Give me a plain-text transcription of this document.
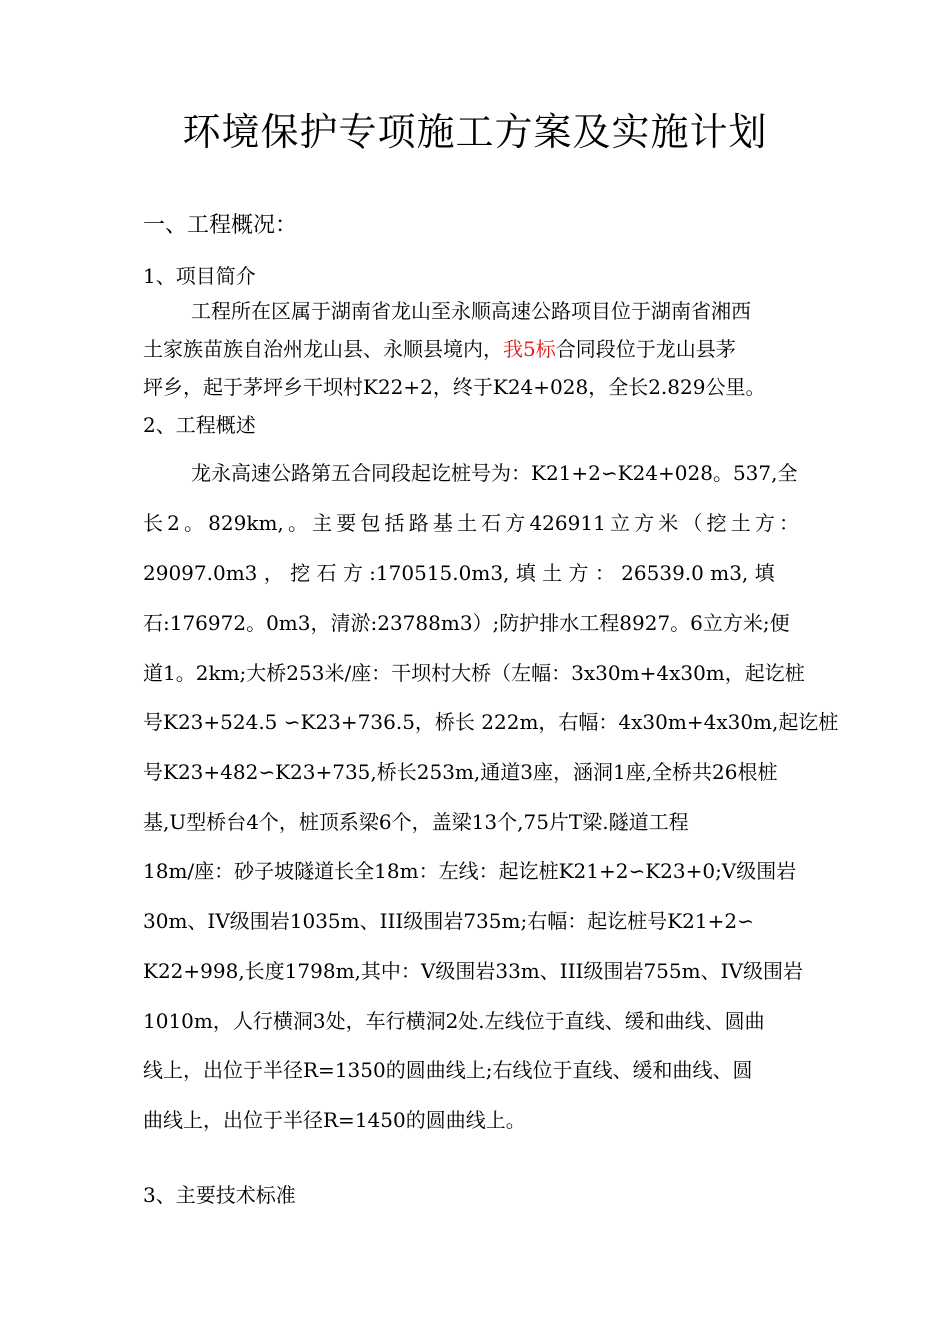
环境保护专项施工方案及实施计划
一、工程概况：
1、项目简介
工程所在区属于湖南省龙山至永顺高速公路项目位于湖南省湘西
土家族苗族自治州龙山县、永顺县境内，我5标合同段位于龙山县茅
坪乡，起于茅坪乡干坝村K22+2，终于K24+028，全长2.829公里。
2、工程概述
龙永高速公路第五合同段起讫桩号为：K21+2∽K24+028。537,全
长2。829km,。主要包括路基土石方426911立方米（挖土方：
29097.0m3 ， 挖 石 方 :170515.0m3, 填 土 方 ： 26539.0 m3, 填
石:176972。0m3，清淤:23788m3）;防护排水工程8927。6立方米;便
道1。2km;大桥253米/座：干坝村大桥（左幅：3x30m+4x30m，起讫桩
号K23+524.5 ∽K23+736.5，桥长 222m，右幅：4x30m+4x30m,起讫桩
号K23+482∽K23+735,桥长253m,通道3座，涵洞1座,全桥共26根桩
基,U型桥台4个，桩顶系梁6个，盖梁13个,75片T梁.隧道工程
18m/座：砂子坡隧道长全18m：左线：起讫桩K21+2∽K23+0;V级围岩
30m、IV级围岩1035m、III级围岩735m;右幅：起讫桩号K21+2∽
K22+998,长度1798m,其中：V级围岩33m、III级围岩755m、IV级围岩
1010m，人行横洞3处，车行横洞2处.左线位于直线、缓和曲线、圆曲
线上，出位于半径R=1350的圆曲线上;右线位于直线、缓和曲线、圆
曲线上，出位于半径R=1450的圆曲线上。
3、主要技术标准
